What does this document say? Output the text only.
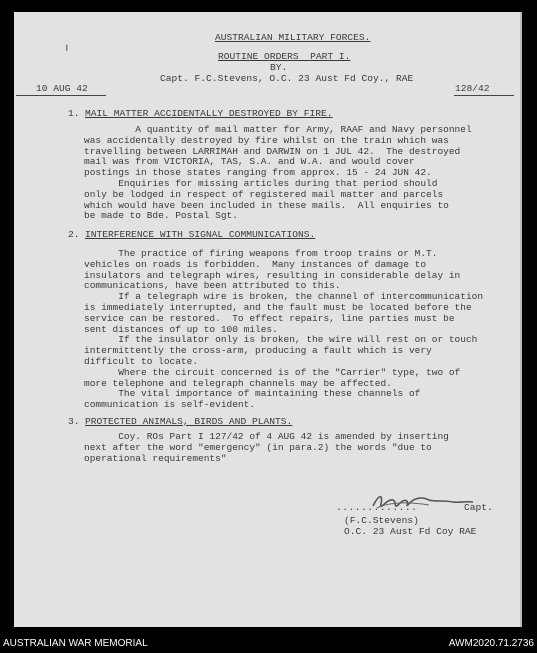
ǀ
AUSTRALIAN MILITARY FORCES.
ROUTINE ORDERS  PART I.
BY.
Capt. F.C.Stevens, O.C. 23 Aust Fd Coy., RAE
10 AUG 42	128/42
1. MAIL MATTER ACCIDENTALLY DESTROYED BY FIRE.
A quantity of mail matter for Army, RAAF and Navy personnel
was accidentally destroyed by fire whilst on the train which was
travelling between LARRIMAH and DARWIN on 1 JUL 42.  The destroyed
mail was from VICTORIA, TAS, S.A. and W.A. and would cover
postings in those states ranging from approx. 15 - 24 JUN 42.
Enquiries for missing articles during that period should
only be lodged in respect of registered mail matter and parcels
which would have been included in these mails.  All enquiries to
be made to Bde. Postal Sgt.
2. INTERFERENCE WITH SIGNAL COMMUNICATIONS.
The practice of firing weapons from troop trains or M.T.
vehicles on roads is forbidden.  Many instances of damage to
insulators and telegraph wires, resulting in considerable delay in
communications, have been attributed to this.
If a telegraph wire is broken, the channel of intercommunication
is immediately interrupted, and the fault must be located before the
service can be restored.  To effect repairs, line parties must be
sent distances of up to 100 miles.
If the insulator only is broken, the wire will rest on or touch
intermittently the cross-arm, producing a fault which is very
difficult to locate.
Where the circuit concerned is of the "Carrier" type, two of
more telephone and telegraph channels may be affected.
The vital importance of maintaining these channels of
communication is self-evident.
3. PROTECTED ANIMALS, BIRDS AND PLANTS.
Coy. ROs Part I 127/42 of 4 AUG 42 is amended by inserting
next after the word "emergency" (in para.2) the words "due to
operational requirements"
.............	Capt.
(F.C.Stevens)
O.C. 23 Aust Fd Coy RAE
AUSTRALIAN WAR MEMORIAL	AWM2020.71.2736
